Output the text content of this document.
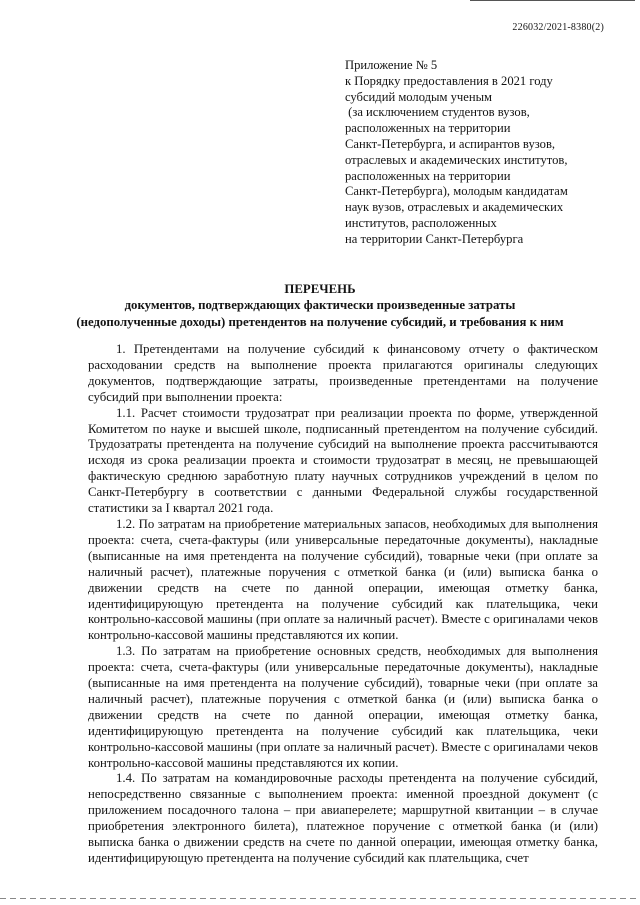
226032/2021-8380(2)
Приложение № 5
к Порядку предоставления в 2021 году
субсидий молодым ученым
(за исключением студентов вузов,
расположенных на территории
Санкт-Петербурга, и аспирантов вузов,
отраслевых и академических институтов,
расположенных на территории
Санкт-Петербурга), молодым кандидатам
наук вузов, отраслевых и академических
институтов, расположенных
на территории Санкт-Петербурга
ПЕРЕЧЕНЬ
документов, подтверждающих фактически произведенные затраты
(недополученные доходы) претендентов на получение субсидий, и требования к ним

1. Претендентами на получение субсидий к финансовому отчету о фактическом расходовании средств на выполнение проекта прилагаются оригиналы следующих документов, подтверждающие затраты, произведенные претендентами на получение субсидий при выполнении проекта:

1.1. Расчет стоимости трудозатрат при реализации проекта по форме, утвержденной Комитетом по науке и высшей школе, подписанный претендентом на получение субсидий. Трудозатраты претендента на получение субсидий на выполнение проекта рассчитываются исходя из срока реализации проекта и стоимости трудозатрат в месяц, не превышающей фактическую среднюю заработную плату научных сотрудников учреждений в целом по Санкт-Петербургу в соответствии с данными Федеральной службы государственной статистики за I квартал 2021 года.

1.2. По затратам на приобретение материальных запасов, необходимых для выполнения проекта: счета, счета-фактуры (или универсальные передаточные документы), накладные (выписанные на имя претендента на получение субсидий), товарные чеки (при оплате за наличный расчет), платежные поручения с отметкой банка (и (или) выписка банка о движении средств на счете по данной операции, имеющая отметку банка, идентифицирующую претендента на получение субсидий как плательщика, чеки контрольно-кассовой машины (при оплате за наличный расчет). Вместе с оригиналами чеков контрольно-кассовой машины представляются их копии.

1.3. По затратам на приобретение основных средств, необходимых для выполнения проекта: счета, счета-фактуры (или универсальные передаточные документы), накладные (выписанные на имя претендента на получение субсидий), товарные чеки (при оплате за наличный расчет), платежные поручения с отметкой банка (и (или) выписка банка о движении средств на счете по данной операции, имеющая отметку банка, идентифицирующую претендента на получение субсидий как плательщика, чеки контрольно-кассовой машины (при оплате за наличный расчет). Вместе с оригиналами чеков контрольно-кассовой машины представляются их копии.

1.4. По затратам на командировочные расходы претендента на получение субсидий, непосредственно связанные с выполнением проекта: именной проездной документ (с приложением посадочного талона – при авиаперелете; маршрутной квитанции – в случае приобретения электронного билета), платежное поручение с отметкой банка (и (или) выписка банка о движении средств на счете по данной операции, имеющая отметку банка, идентифицирующую претендента на получение субсидий как плательщика, счет
